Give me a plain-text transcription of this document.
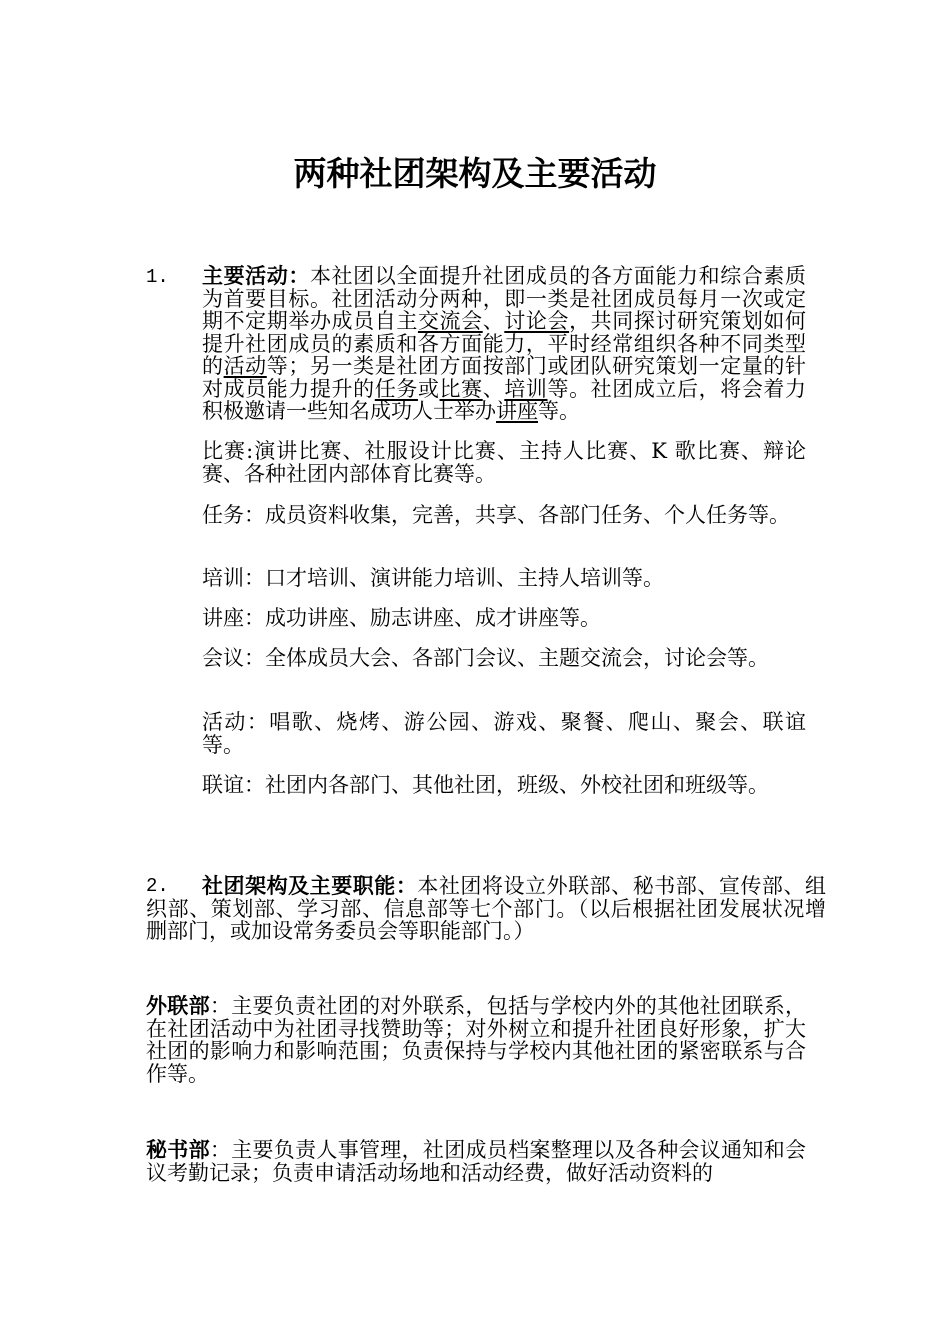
两种社团架构及主要活动
1. 主要活动：本社团以全面提升社团成员的各方面能力和综合素质为首要目标。社团活动分两种，即一类是社团成员每月一次或定期不定期举办成员自主交流会、讨论会，共同探讨研究策划如何提升社团成员的素质和各方面能力，平时经常组织各种不同类型的活动等；另一类是社团方面按部门或团队研究策划一定量的针对成员能力提升的任务或比赛、培训等。社团成立后，将会着力积极邀请一些知名成功人士举办讲座等。

比赛:演讲比赛、社服设计比赛、主持人比赛、K 歌比赛、辩论赛、各种社团内部体育比赛等。

任务：成员资料收集，完善，共享、各部门任务、个人任务等。

培训：口才培训、演讲能力培训、主持人培训等。

讲座：成功讲座、励志讲座、成才讲座等。

会议：全体成员大会、各部门会议、主题交流会，讨论会等。

活动：唱歌、烧烤、游公园、游戏、聚餐、爬山、聚会、联谊等。

联谊：社团内各部门、其他社团，班级、外校社团和班级等。

2. 社团架构及主要职能：本社团将设立外联部、秘书部、宣传部、组织部、策划部、学习部、信息部等七个部门。（以后根据社团发展状况增删部门，或加设常务委员会等职能部门。）

外联部：主要负责社团的对外联系，包括与学校内外的其他社团联系，在社团活动中为社团寻找赞助等；对外树立和提升社团良好形象，扩大社团的影响力和影响范围；负责保持与学校内其他社团的紧密联系与合作等。

秘书部：主要负责人事管理，社团成员档案整理以及各种会议通知和会议考勤记录；负责申请活动场地和活动经费，做好活动资料的
